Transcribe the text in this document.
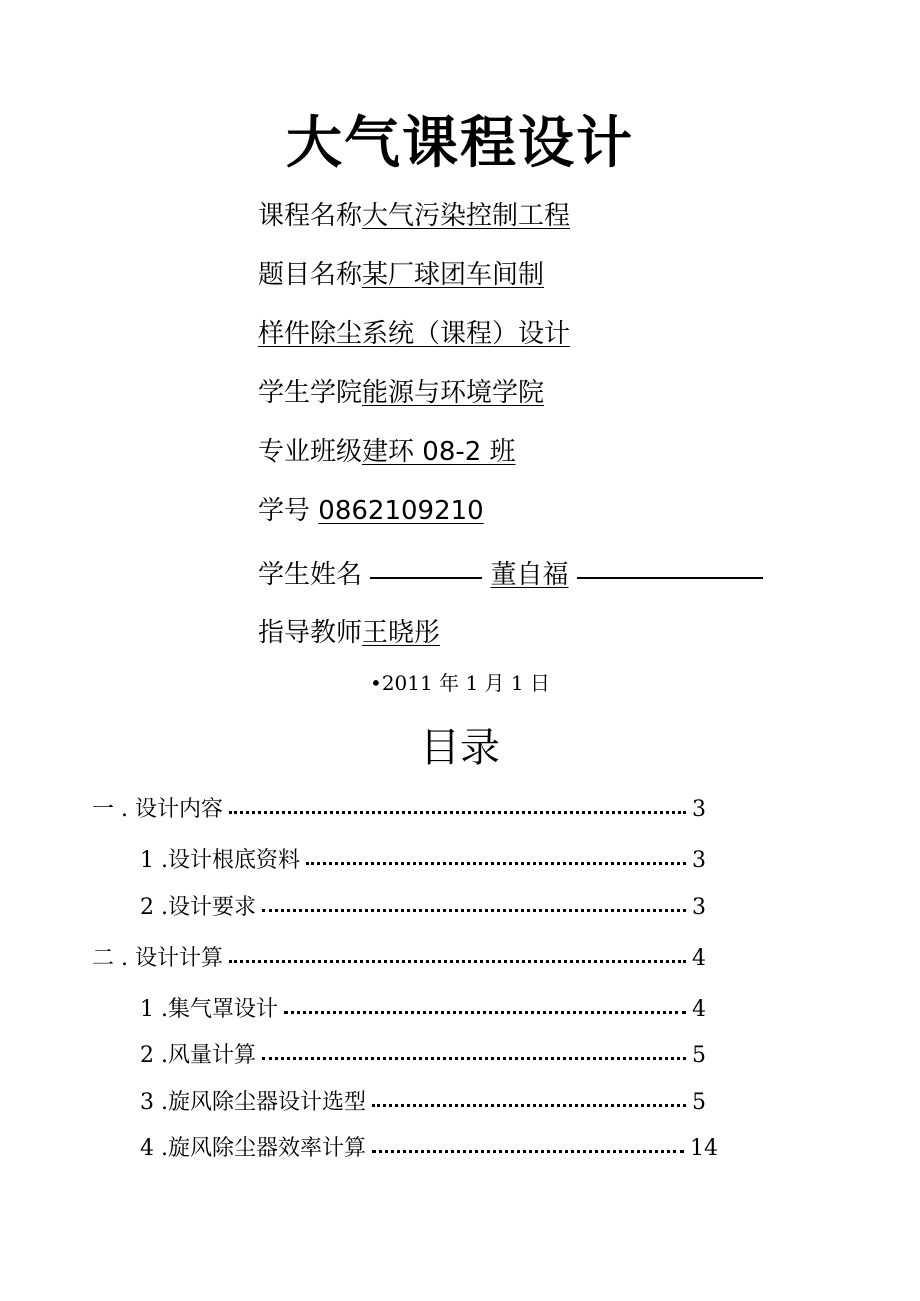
大气课程设计
课程名称大气污染控制工程
题目名称某厂球团车间制
样件除尘系统（课程）设计
学生学院能源与环境学院
专业班级建环 08-2 班
学号 0862109210
学生姓名	董自福
指导教师王晓彤
•2011 年 1 月 1 日
目录
一 . 设计内容	3
1 .设计根底资料	3
2 .设计要求	3
二 . 设计计算	4
1 .集气罩设计	4
2 .风量计算	5
3 .旋风除尘器设计选型	5
4 .旋风除尘器效率计算	14
